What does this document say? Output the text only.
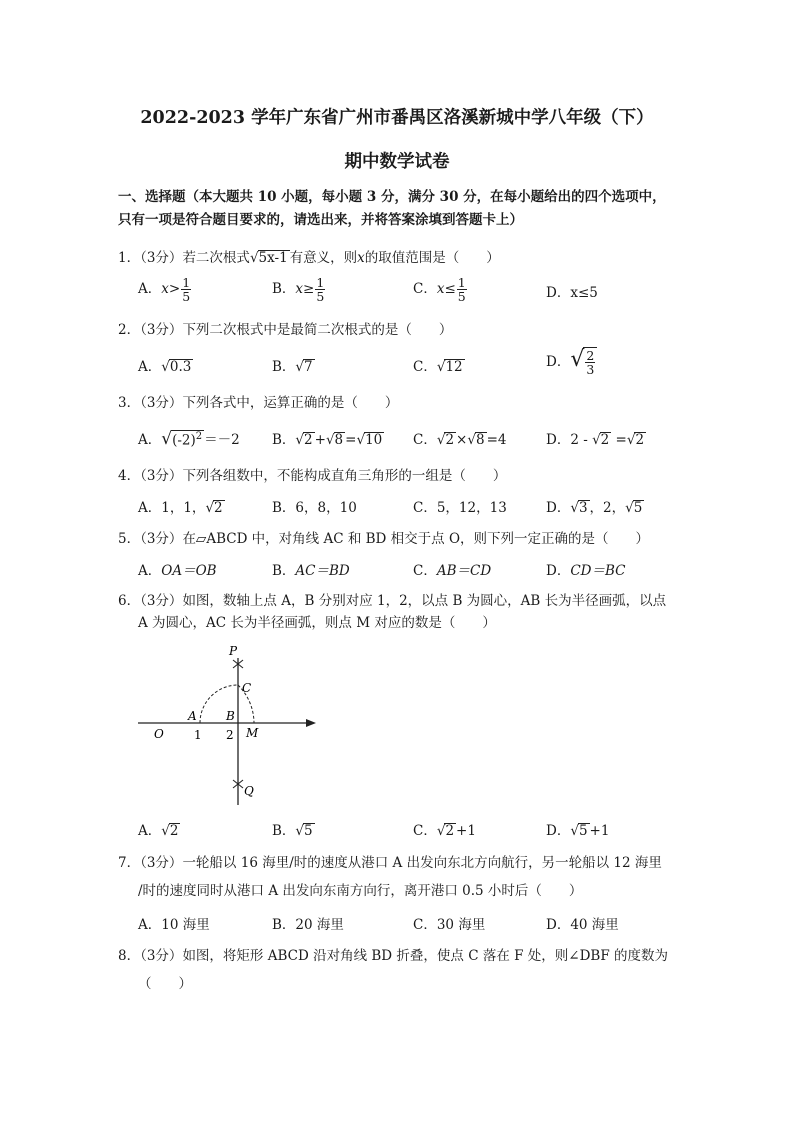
2022-2023 学年广东省广州市番禺区洛溪新城中学八年级（下）
期中数学试卷
一、选择题（本大题共 10 小题，每小题 3 分，满分 30 分，在每小题给出的四个选项中，
只有一项是符合题目要求的，请选出来，并将答案涂填到答题卡上）
1．（3分）若二次根式√5x-1 有意义，则x的取值范围是（　　）
A．$x> \frac{1}{5}$	B．$x\ge \frac{1}{5}$	C．$x\le \frac{1}{5}$	D．x≤5
2．（3分）下列二次根式中是最简二次根式的是（　　）
A．√0.3	B．√7	C．√12	D．√ $\frac{2}{3}$
3．（3分）下列各式中，运算正确的是（　　）
A．$√(-2)^2 =-2$ B．√2 +√8 =√10 C．√2 ×√8 =4	D．2 - √2 =√2
4．（3分）下列各组数中，不能构成直角三角形的一组是（　　）
A．1，1，√2	B．6，8，10	C．5，12，13	D．√3 ，2，√5
5．（3分）在▱ABCD 中，对角线 AC 和 BD 相交于点 O，则下列一定正确的是（　　）
A．OA＝OB	B．AC＝BD	C．AB＝CD	D．CD＝BC
6．（3分）如图，数轴上点 A，B 分别对应 1，2，以点 B 为圆心，AB 长为半径画弧，以点
A 为圆心，AC 长为半径画弧，则点 M 对应的数是（　　）
P
C
A B
O	1 2 M
Q
A．√2	B．√5	C．√2 +1	D．√5 +1
7．（3分）一轮船以 16 海里/时的速度从港口 A 出发向东北方向航行，另一轮船以 12 海里
/时的速度同时从港口 A 出发向东南方向行，离开港口 0.5 小时后（　　）
A．10 海里	B．20 海里	C．30 海里	D．40 海里
8．（3分）如图，将矩形 ABCD 沿对角线 BD 折叠，使点 C 落在 F 处，则∠DBF 的度数为
（　　）
